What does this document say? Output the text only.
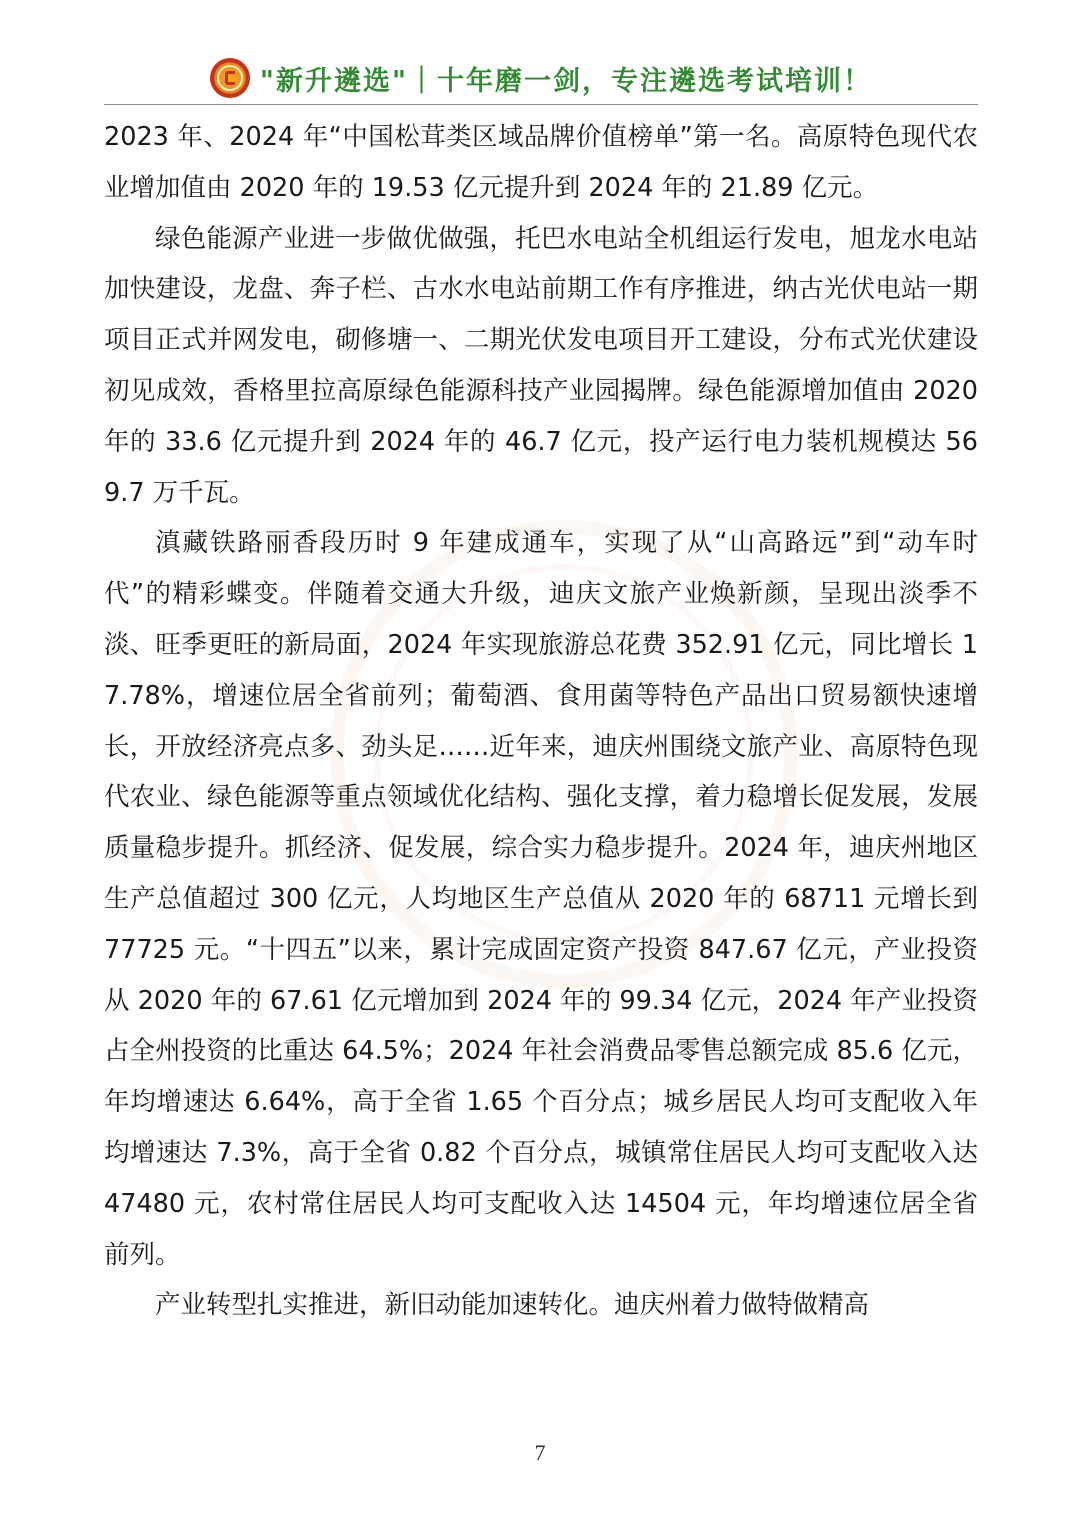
"新升遴选"｜十年磨一剑，专注遴选考试培训！

2023 年、2024 年“中国松茸类区域品牌价值榜单”第一名。高原特色现代农业增加值由 2020 年的 19.53 亿元提升到 2024 年的 21.89 亿元。

绿色能源产业进一步做优做强，托巴水电站全机组运行发电，旭龙水电站加快建设，龙盘、奔子栏、古水水电站前期工作有序推进，纳古光伏电站一期项目正式并网发电，砌修塘一、二期光伏发电项目开工建设，分布式光伏建设初见成效，香格里拉高原绿色能源科技产业园揭牌。绿色能源增加值由 2020 年的 33.6 亿元提升到 2024 年的 46.7 亿元，投产运行电力装机规模达 569.7 万千瓦。

滇藏铁路丽香段历时 9 年建成通车，实现了从“山高路远”到“动车时代”的精彩蝶变。伴随着交通大升级，迪庆文旅产业焕新颜，呈现出淡季不淡、旺季更旺的新局面，2024 年实现旅游总花费 352.91 亿元，同比增长 17.78%，增速位居全省前列；葡萄酒、食用菌等特色产品出口贸易额快速增长，开放经济亮点多、劲头足……近年来，迪庆州围绕文旅产业、高原特色现代农业、绿色能源等重点领域优化结构、强化支撑，着力稳增长促发展，发展质量稳步提升。抓经济、促发展，综合实力稳步提升。2024 年，迪庆州地区生产总值超过 300 亿元，人均地区生产总值从 2020 年的 68711 元增长到 77725 元。“十四五”以来，累计完成固定资产投资 847.67 亿元，产业投资从 2020 年的 67.61 亿元增加到 2024 年的 99.34 亿元，2024 年产业投资占全州投资的比重达 64.5%；2024 年社会消费品零售总额完成 85.6 亿元，年均增速达 6.64%，高于全省 1.65 个百分点；城乡居民人均可支配收入年均增速达 7.3%，高于全省 0.82 个百分点，城镇常住居民人均可支配收入达 47480 元，农村常住居民人均可支配收入达 14504 元，年均增速位居全省前列。

产业转型扎实推进，新旧动能加速转化。迪庆州着力做特做精高

7
